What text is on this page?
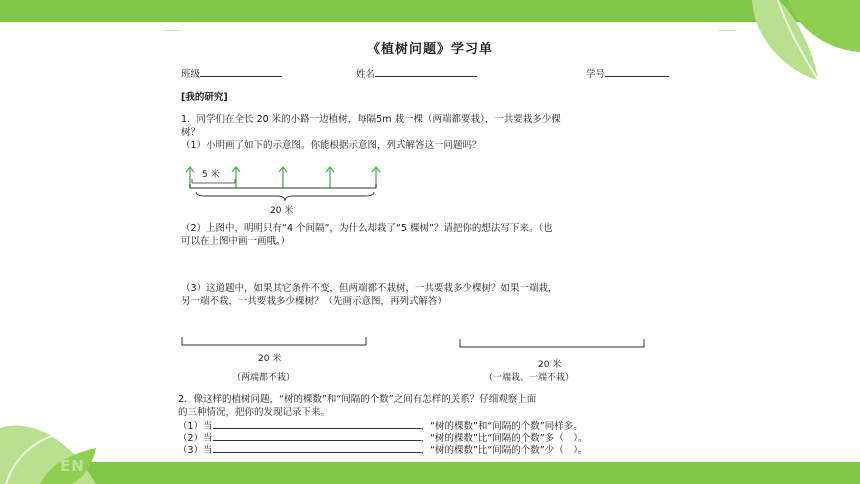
EN
《植树问题》学习单
班级	姓名	学号
[我的研究]
1．同学们在全长 20 米的小路一边植树，每隔5m 栽一棵（两端都要栽），一共要栽多少棵
树？
（1）小明画了如下的示意图。你能根据示意图，列式解答这一问题吗？
5 米
20 米
（2）上图中，明明只有“4 个间隔”，为什么却栽了“5 棵树”？请把你的想法写下来。（也
可以在上图中画一画哦。）
（3）这道题中，如果其它条件不变，但两端都不栽树，一共要栽多少棵树？如果一端栽，
另一端不栽，一共要栽多少棵树？（先画示意图，再列式解答）
20 米
（两端都不栽）
20 米
（一端栽、一端不栽）
2．像这样的植树问题，“树的棵数”和“间隔的个数”之间有怎样的关系？仔细观察上面
的三种情况，把你的发现记录下来。
（1）当	，“树的棵数”和“间隔的个数”同样多。
（2）当	，“树的棵数”比“间隔的个数”多（　）。
（3）当	，“树的棵数”比“间隔的个数”少（　）。
